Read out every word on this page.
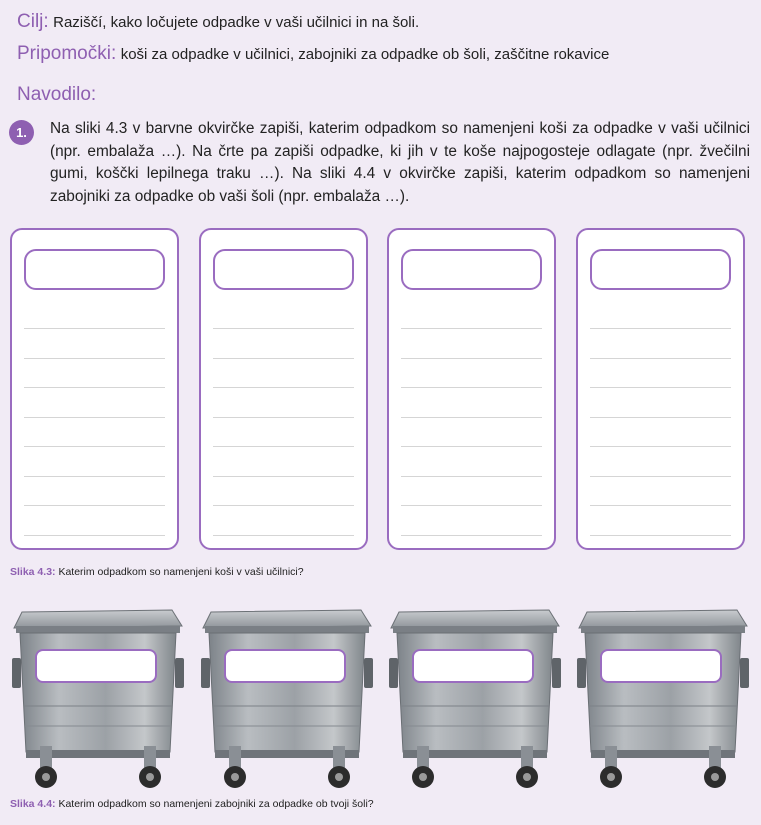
Cilj: Raziščí, kako ločujete odpadke v vaši učilnici in na šoli.
Pripomočki: koši za odpadke v učilnici, zabojniki za odpadke ob šoli, zaščitne rokavice
Navodilo:
1.	Na sliki 4.3 v barvne okvirčke zapiši, katerim odpadkom so namenjeni koši za odpadke v vaši učilnici (npr. embalaža …). Na črte pa zapiši odpadke, ki jih v te koše najpogosteje odlagate (npr. žvečilni gumi, koščki lepilnega traku …). Na sliki 4.4 v okvirčke zapiši, katerim odpadkom so namenjeni zabojniki za odpadke ob vaši šoli (npr. embalaža …).
Slika 4.3: Katerim odpadkom so namenjeni koši v vaši učilnici?
Slika 4.4: Katerim odpadkom so namenjeni zabojniki za odpadke ob tvoji šoli?
